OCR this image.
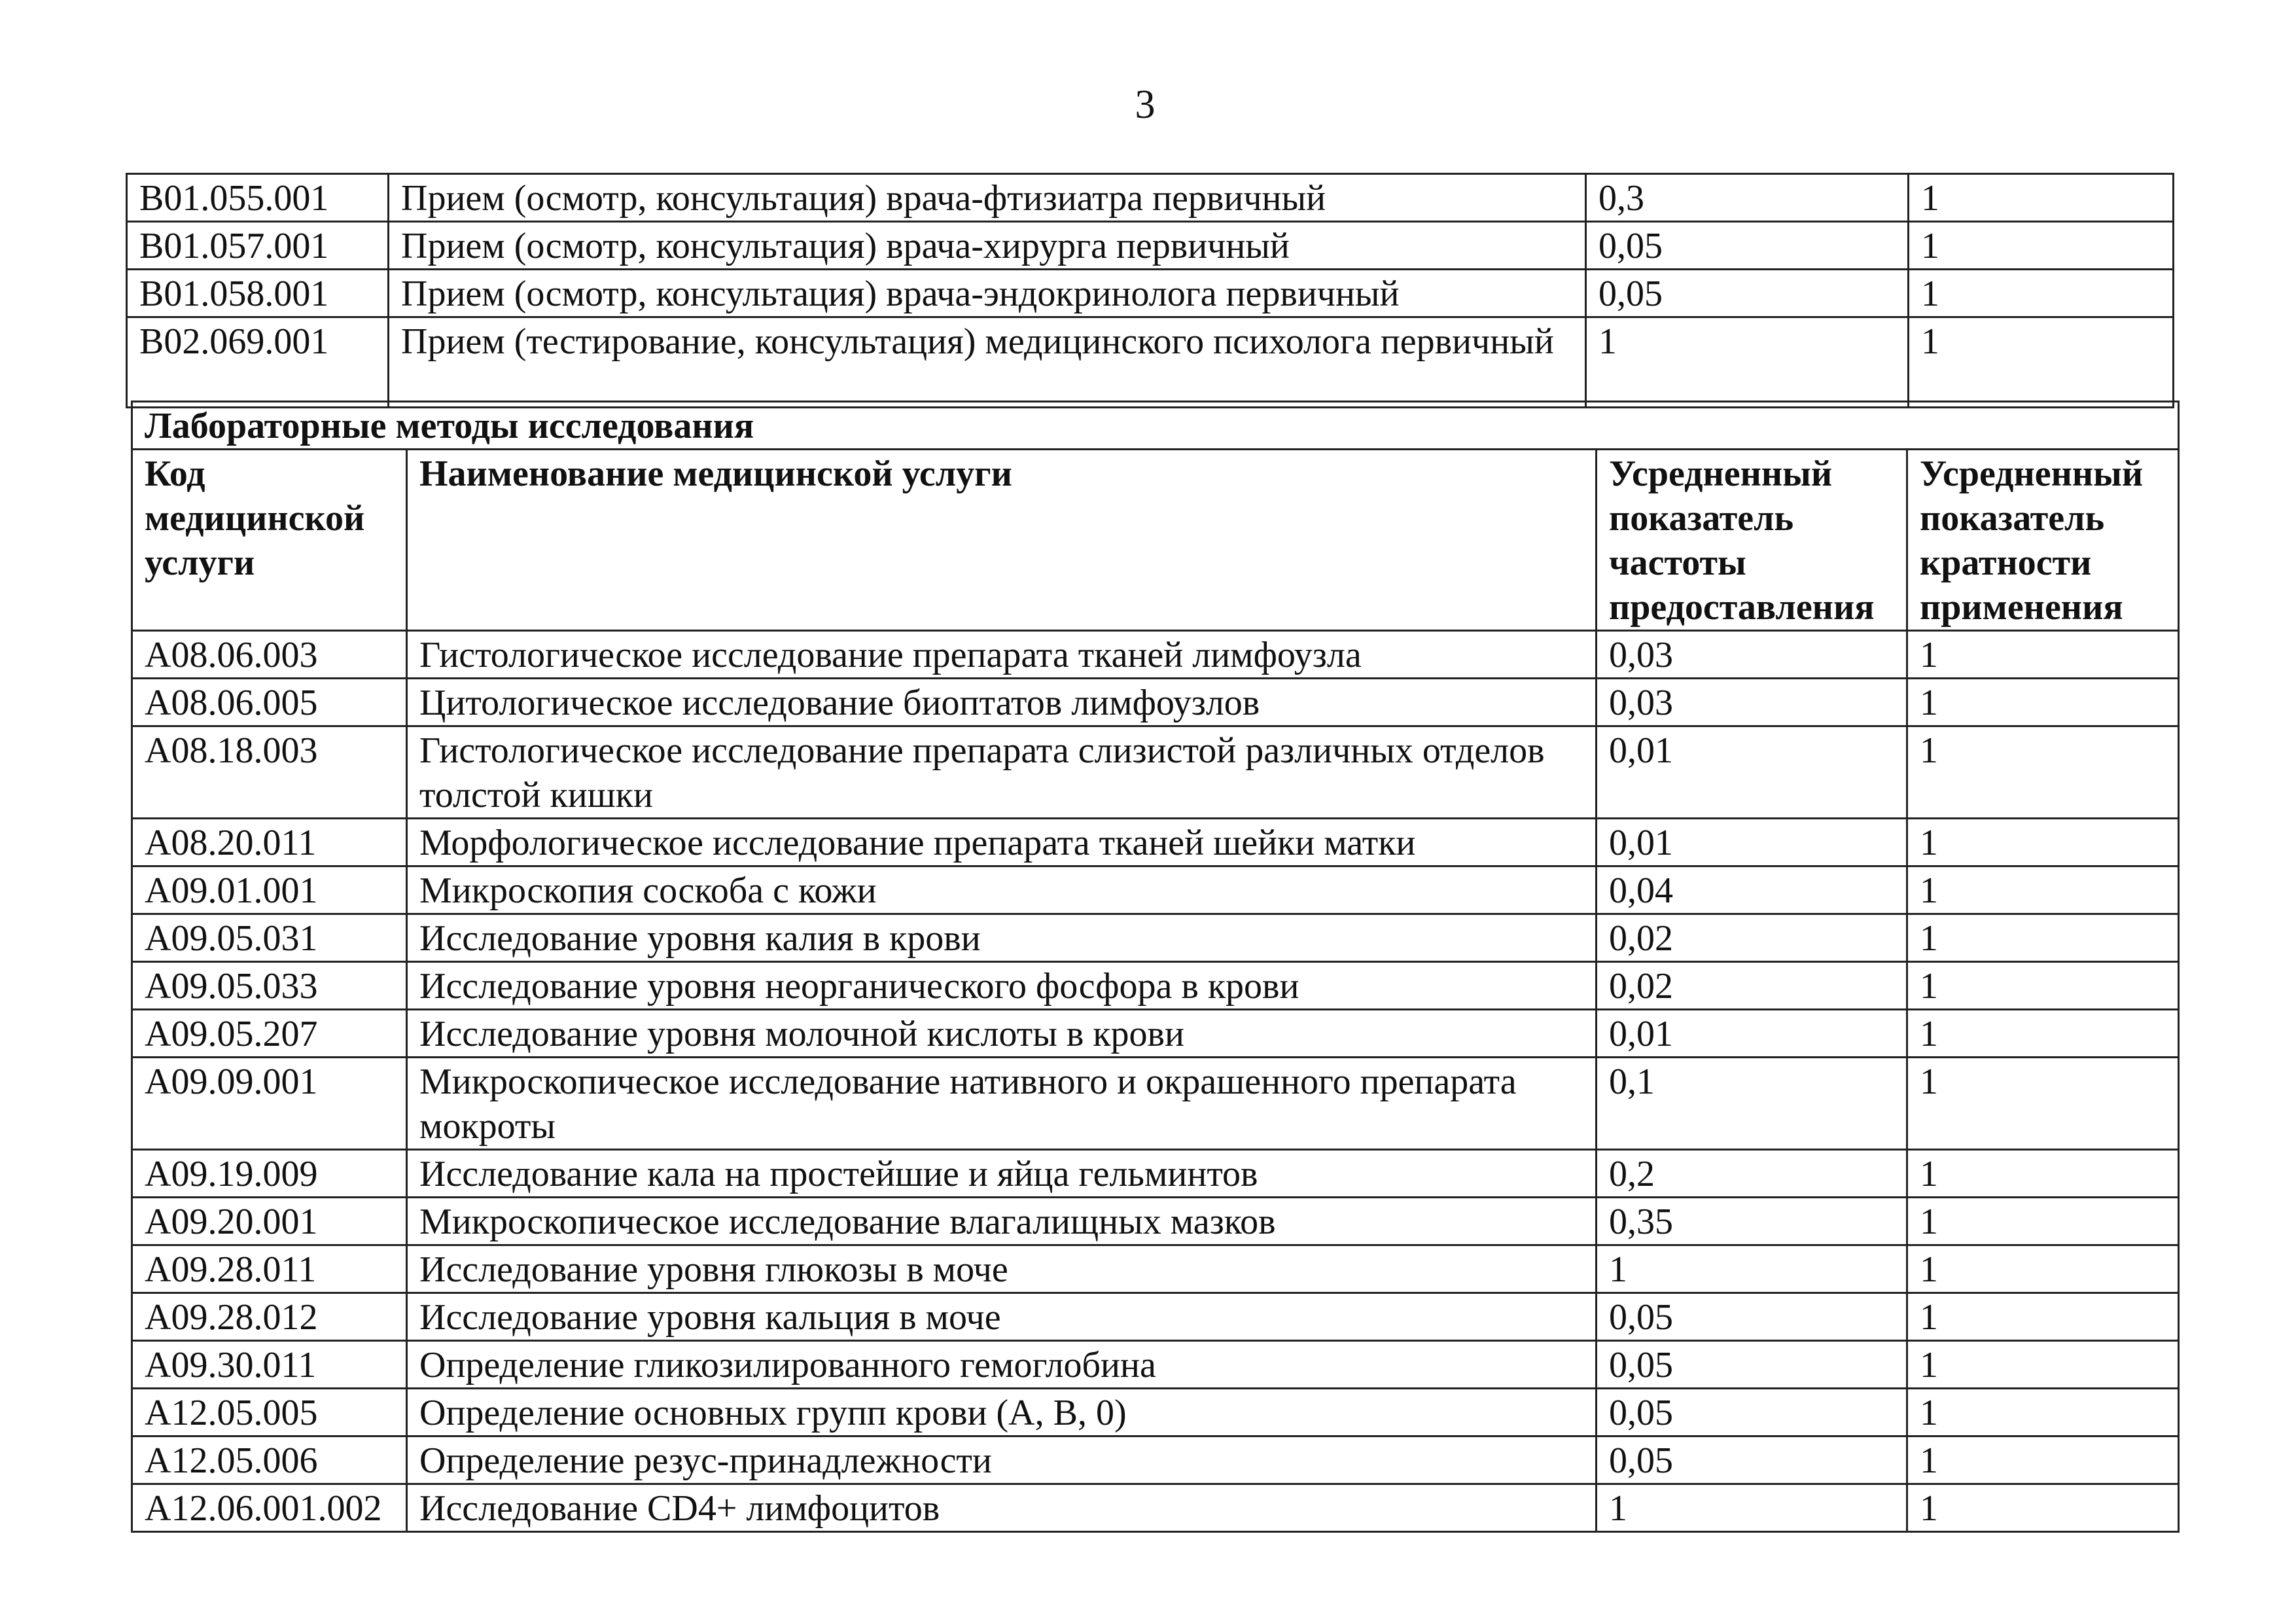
3
B01.055.001	Прием (осмотр, консультация) врача-фтизиатра первичный	0,3	1
B01.057.001	Прием (осмотр, консультация) врача-хирурга первичный	0,05	1
B01.058.001	Прием (осмотр, консультация) врача-эндокринолога первичный	0,05	1
B02.069.001	Прием (тестирование, консультация) медицинского психолога первичный	1	1
Лабораторные методы исследования			
Код медицинской услуги	Наименование медицинской услуги	Усредненный показатель частоты предоставления	Усредненный показатель кратности применения
A08.06.003	Гистологическое исследование препарата тканей лимфоузла	0,03	1
A08.06.005	Цитологическое исследование биоптатов лимфоузлов	0,03	1
A08.18.003	Гистологическое исследование препарата слизистой различных отделов толстой кишки	0,01	1
A08.20.011	Морфологическое исследование препарата тканей шейки матки	0,01	1
A09.01.001	Микроскопия соскоба с кожи	0,04	1
A09.05.031	Исследование уровня калия в крови	0,02	1
A09.05.033	Исследование уровня неорганического фосфора в крови	0,02	1
A09.05.207	Исследование уровня молочной кислоты в крови	0,01	1
A09.09.001	Микроскопическое исследование нативного и окрашенного препарата мокроты	0,1	1
A09.19.009	Исследование кала на простейшие и яйца гельминтов	0,2	1
A09.20.001	Микроскопическое исследование влагалищных мазков	0,35	1
A09.28.011	Исследование уровня глюкозы в моче	1	1
A09.28.012	Исследование уровня кальция в моче	0,05	1
A09.30.011	Определение гликозилированного гемоглобина	0,05	1
A12.05.005	Определение основных групп крови (A, B, 0)	0,05	1
A12.05.006	Определение резус-принадлежности	0,05	1
A12.06.001.002	Исследование CD4+ лимфоцитов	1	1
